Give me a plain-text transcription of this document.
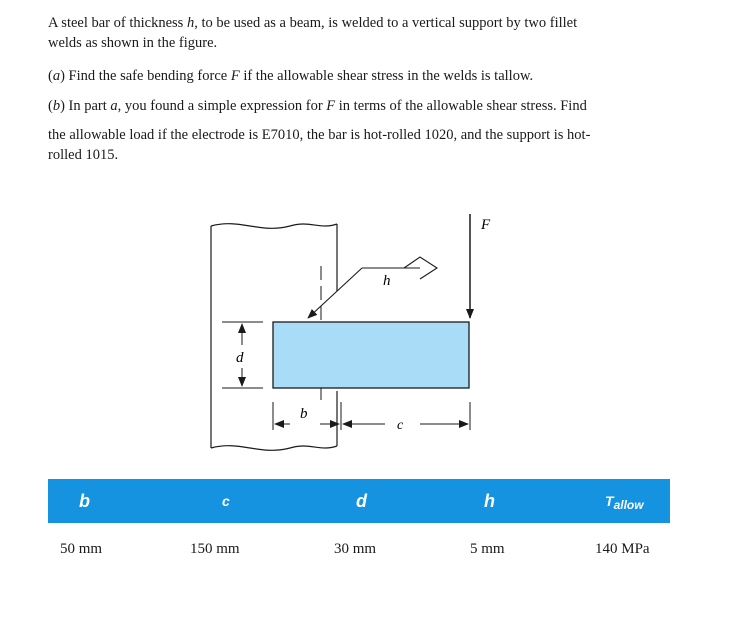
A steel bar of thickness h, to be used as a beam, is welded to a vertical support by two fillet
welds as shown in the figure.

(a) Find the safe bending force F if the allowable shear stress in the welds is tallow.

(b) In part a, you found a simple expression for F in terms of the allowable shear stress. Find

the allowable load if the electrode is E7010, the bar is hot-rolled 1020, and the support is hot-
rolled 1015.

h
F
d
b
c
b	c	d	h	$T_{allow}$
50 mm	150 mm	30 mm	5 mm	140 MPa
